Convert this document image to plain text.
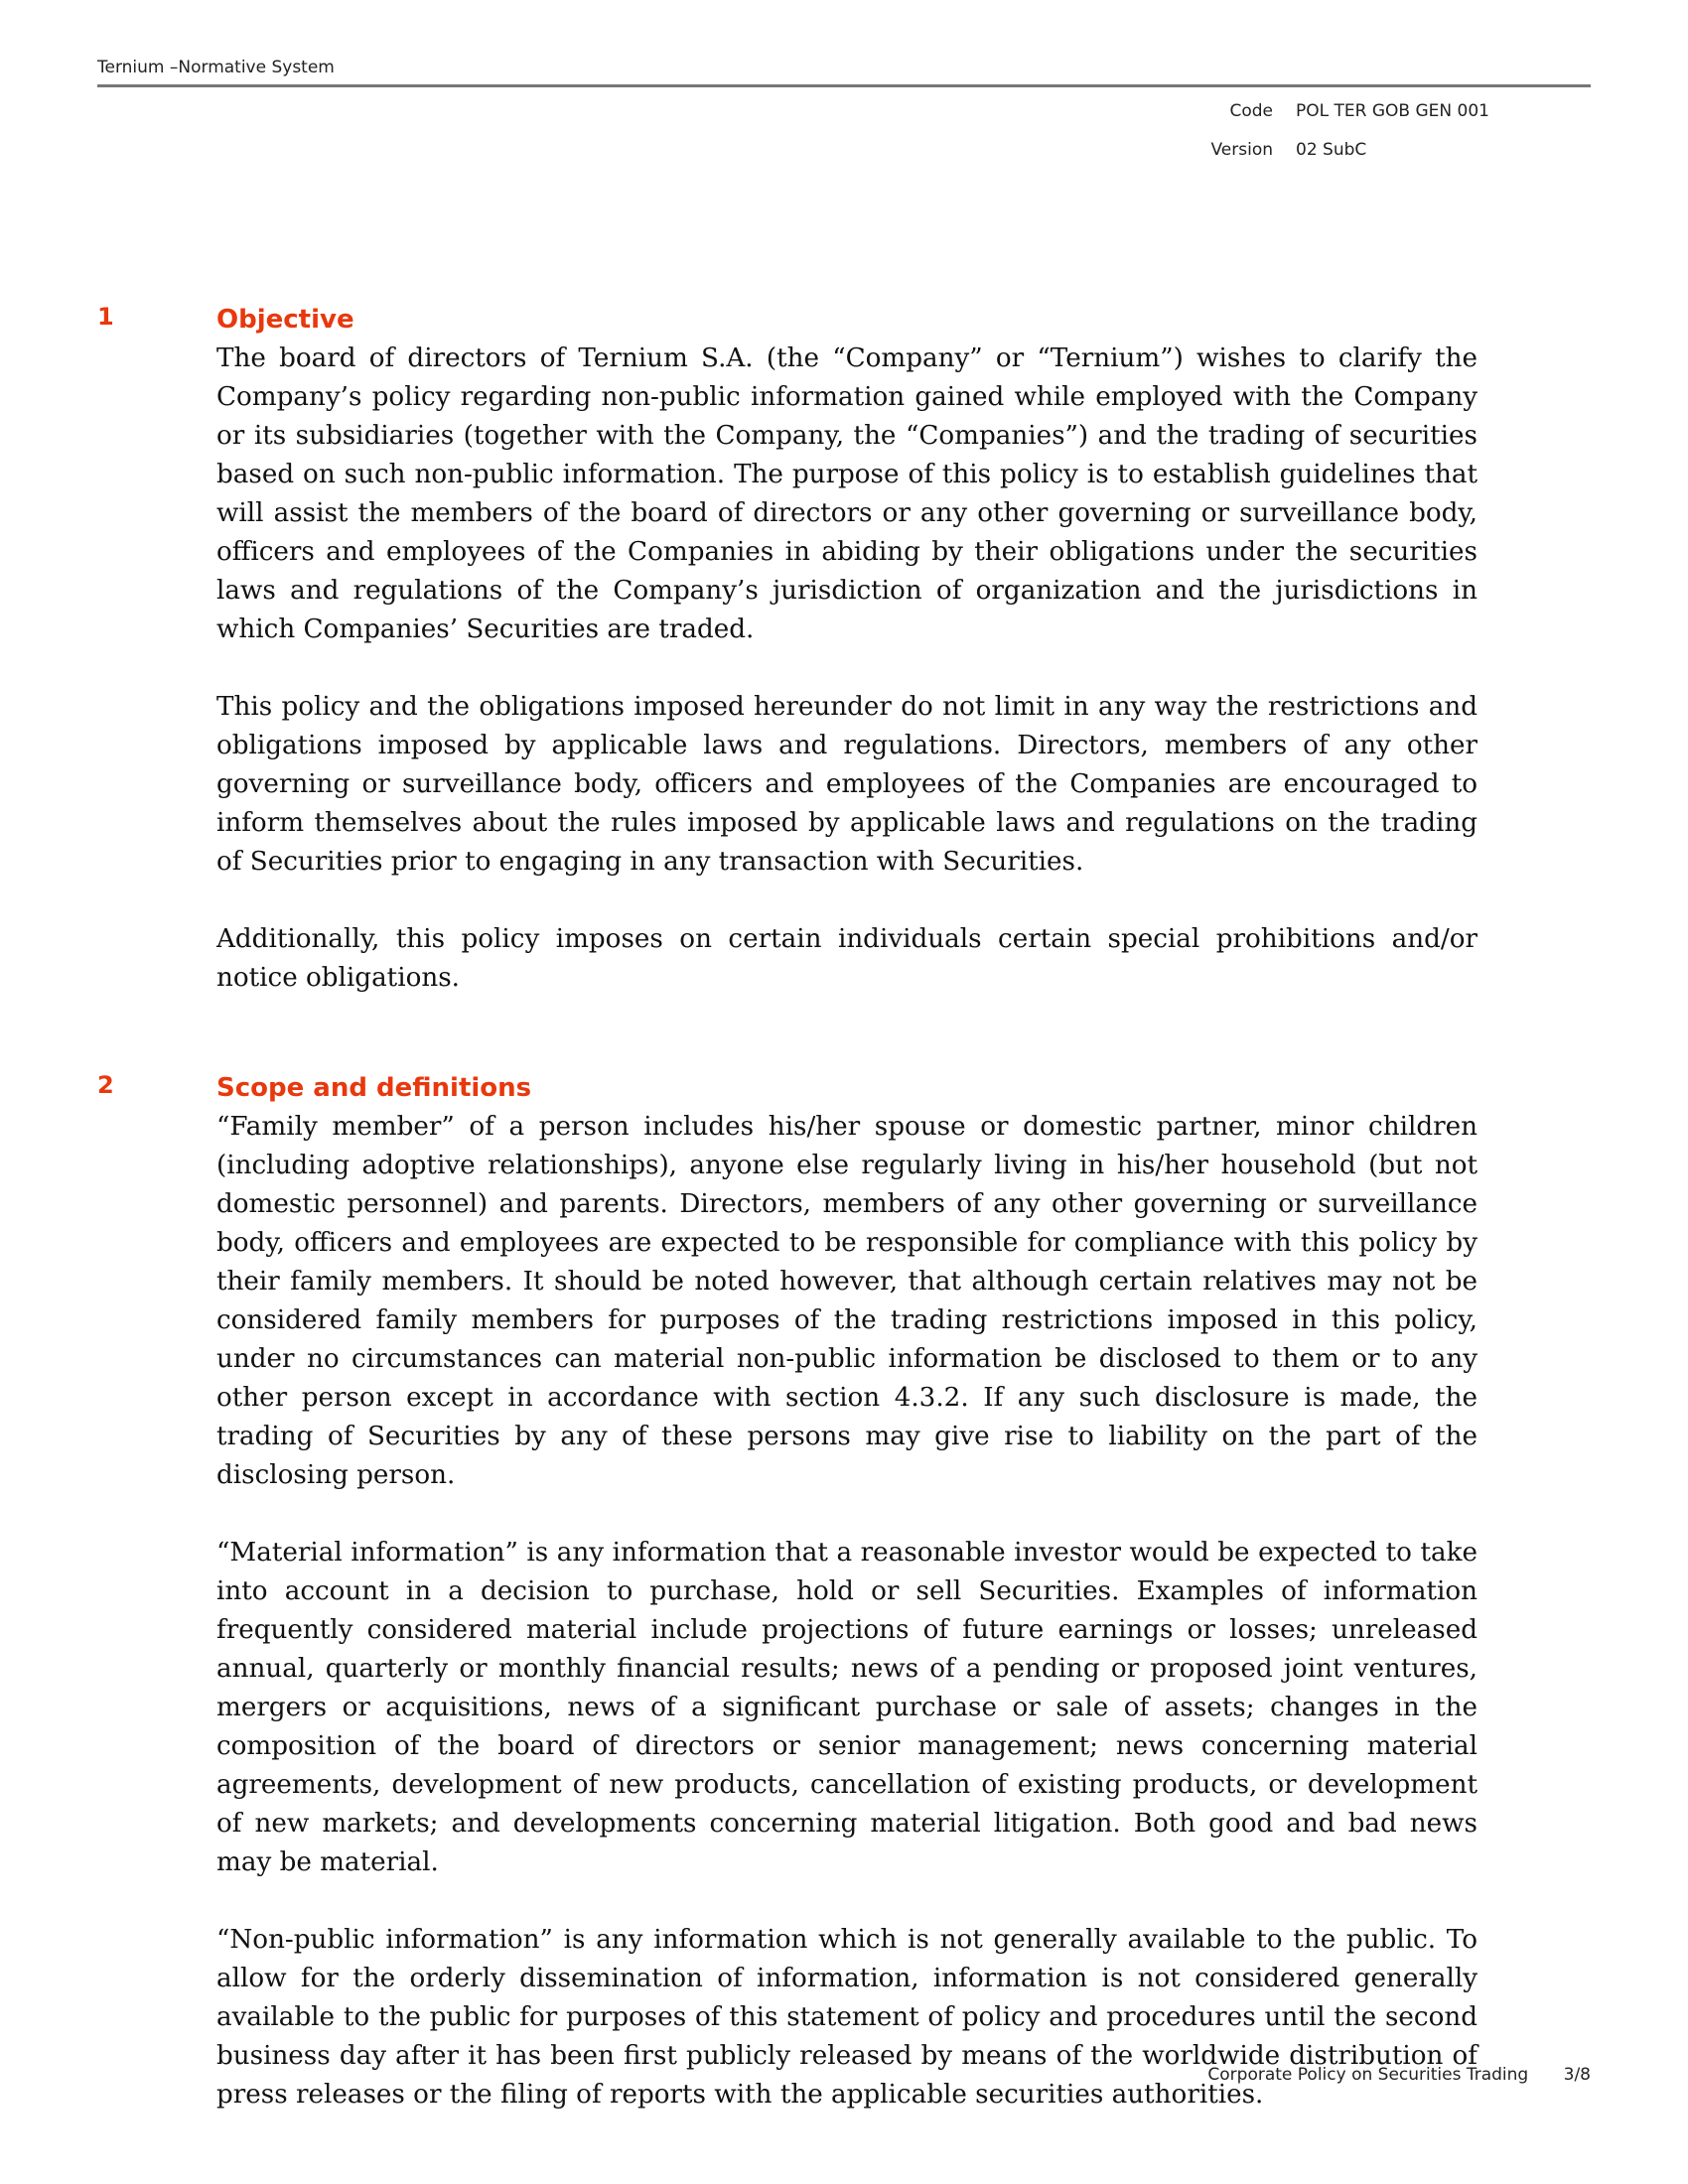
Ternium –Normative System
Code	POL TER GOB GEN 001
Version	02 SubC
1	Objective

The board of directors of Ternium S.A. (the “Company” or “Ternium”) wishes to clarify the Company’s policy regarding non-public information gained while employed with the Company or its subsidiaries (together with the Company, the “Companies”) and the trading of securities based on such non-public information. The purpose of this policy is to establish guidelines that will assist the members of the board of directors or any other governing or surveillance body, officers and employees of the Companies in abiding by their obligations under the securities laws and regulations of the Company’s jurisdiction of organization and the jurisdictions in which Companies’ Securities are traded.

This policy and the obligations imposed hereunder do not limit in any way the restrictions and obligations imposed by applicable laws and regulations. Directors, members of any other governing or surveillance body, officers and employees of the Companies are encouraged to inform themselves about the rules imposed by applicable laws and regulations on the trading of Securities prior to engaging in any transaction with Securities.

Additionally, this policy imposes on certain individuals certain special prohibitions and/or notice obligations.

2	Scope and definitions

“Family member” of a person includes his/her spouse or domestic partner, minor children (including adoptive relationships), anyone else regularly living in his/her household (but not domestic personnel) and parents. Directors, members of any other governing or surveillance body, officers and employees are expected to be responsible for compliance with this policy by their family members. It should be noted however, that although certain relatives may not be considered family members for purposes of the trading restrictions imposed in this policy, under no circumstances can material non-public information be disclosed to them or to any other person except in accordance with section 4.3.2. If any such disclosure is made, the trading of Securities by any of these persons may give rise to liability on the part of the disclosing person.

“Material information” is any information that a reasonable investor would be expected to take into account in a decision to purchase, hold or sell Securities. Examples of information frequently considered material include projections of future earnings or losses; unreleased annual, quarterly or monthly financial results; news of a pending or proposed joint ventures, mergers or acquisitions, news of a significant purchase or sale of assets; changes in the composition of the board of directors or senior management; news concerning material agreements, development of new products, cancellation of existing products, or development of new markets; and developments concerning material litigation. Both good and bad news may be material.

“Non-public information” is any information which is not generally available to the public. To allow for the orderly dissemination of information, information is not considered generally available to the public for purposes of this statement of policy and procedures until the second business day after it has been first publicly released by means of the worldwide distribution of press releases or the filing of reports with the applicable securities authorities.

Corporate Policy on Securities Trading 3/8
